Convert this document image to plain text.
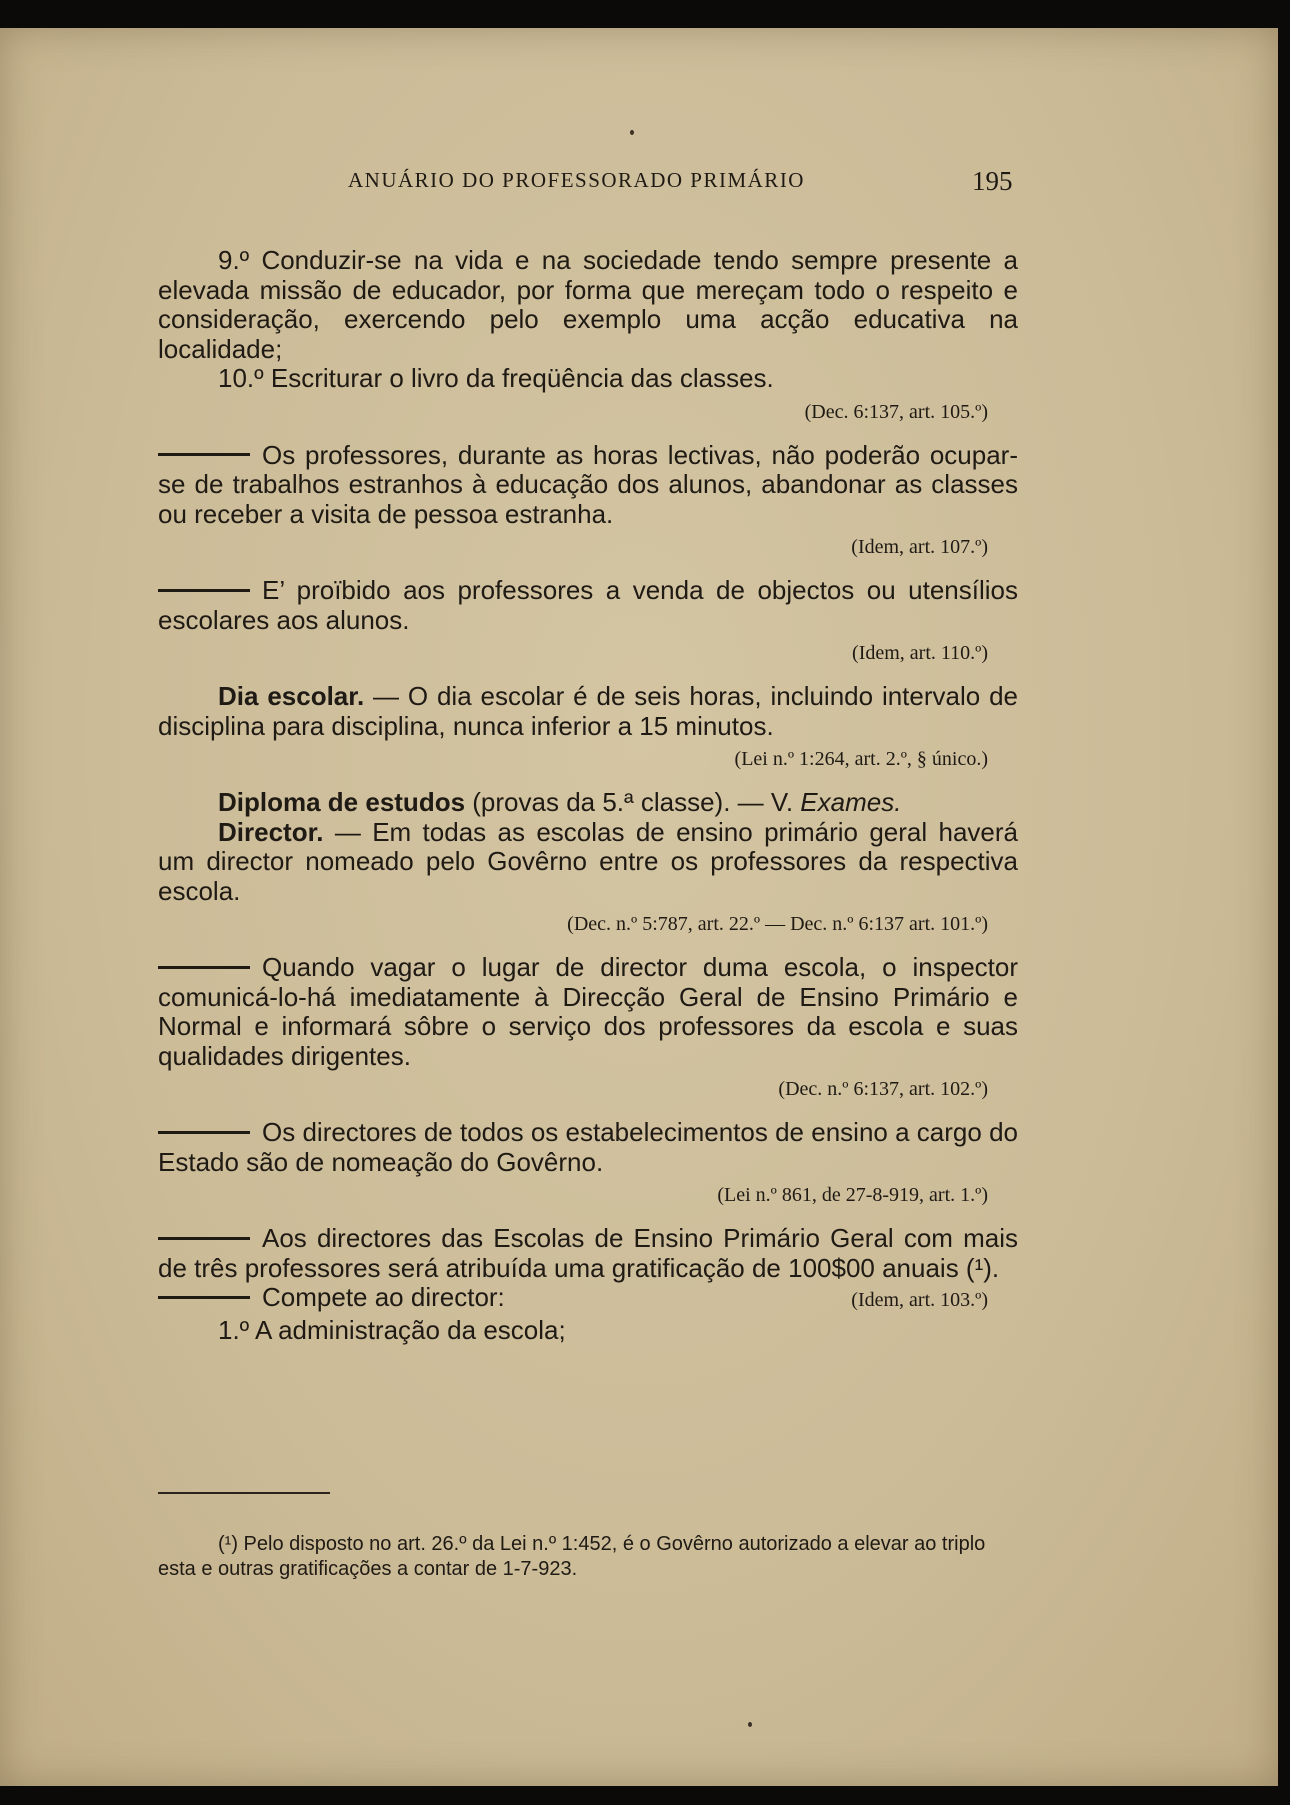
ANUÁRIO DO PROFESSORADO PRIMÁRIO	195

9.º Conduzir-se na vida e na sociedade tendo sempre presente a elevada missão de educador, por forma que mereçam todo o respeito e consideração, exercendo pelo exemplo uma acção educativa na localidade;

10.º Escriturar o livro da freqüência das classes.

(Dec. 6:137, art. 105.º)

Os professores, durante as horas lectivas, não poderão ocupar-se de trabalhos estranhos à educação dos alunos, abandonar as classes ou receber a visita de pessoa estranha.

(Idem, art. 107.º)

E’ proïbido aos professores a venda de objectos ou utensílios escolares aos alunos.

(Idem, art. 110.º)

Dia escolar. — O dia escolar é de seis horas, incluindo intervalo de disciplina para disciplina, nunca inferior a 15 minutos.

(Lei n.º 1:264, art. 2.º, § único.)

Diploma de estudos (provas da 5.ª classe). — V. Exames.

Director. — Em todas as escolas de ensino primário geral haverá um director nomeado pelo Govêrno entre os professores da respectiva escola.

(Dec. n.º 5:787, art. 22.º — Dec. n.º 6:137 art. 101.º)

Quando vagar o lugar de director duma escola, o inspector comunicá-lo-há imediatamente à Direcção Geral de Ensino Primário e Normal e informará sôbre o serviço dos professores da escola e suas qualidades dirigentes.

(Dec. n.º 6:137, art. 102.º)

Os directores de todos os estabelecimentos de ensino a cargo do Estado são de nomeação do Govêrno.

(Lei n.º 861, de 27-8-919, art. 1.º)

Aos directores das Escolas de Ensino Primário Geral com mais de três professores será atribuída uma gratificação de 100$00 anuais (¹).

Compete ao director:	(Idem, art. 103.º)

1.º A administração da escola;

(¹) Pelo disposto no art. 26.º da Lei n.º 1:452, é o Govêrno autorizado a elevar ao triplo esta e outras gratificações a contar de 1-7-923.
